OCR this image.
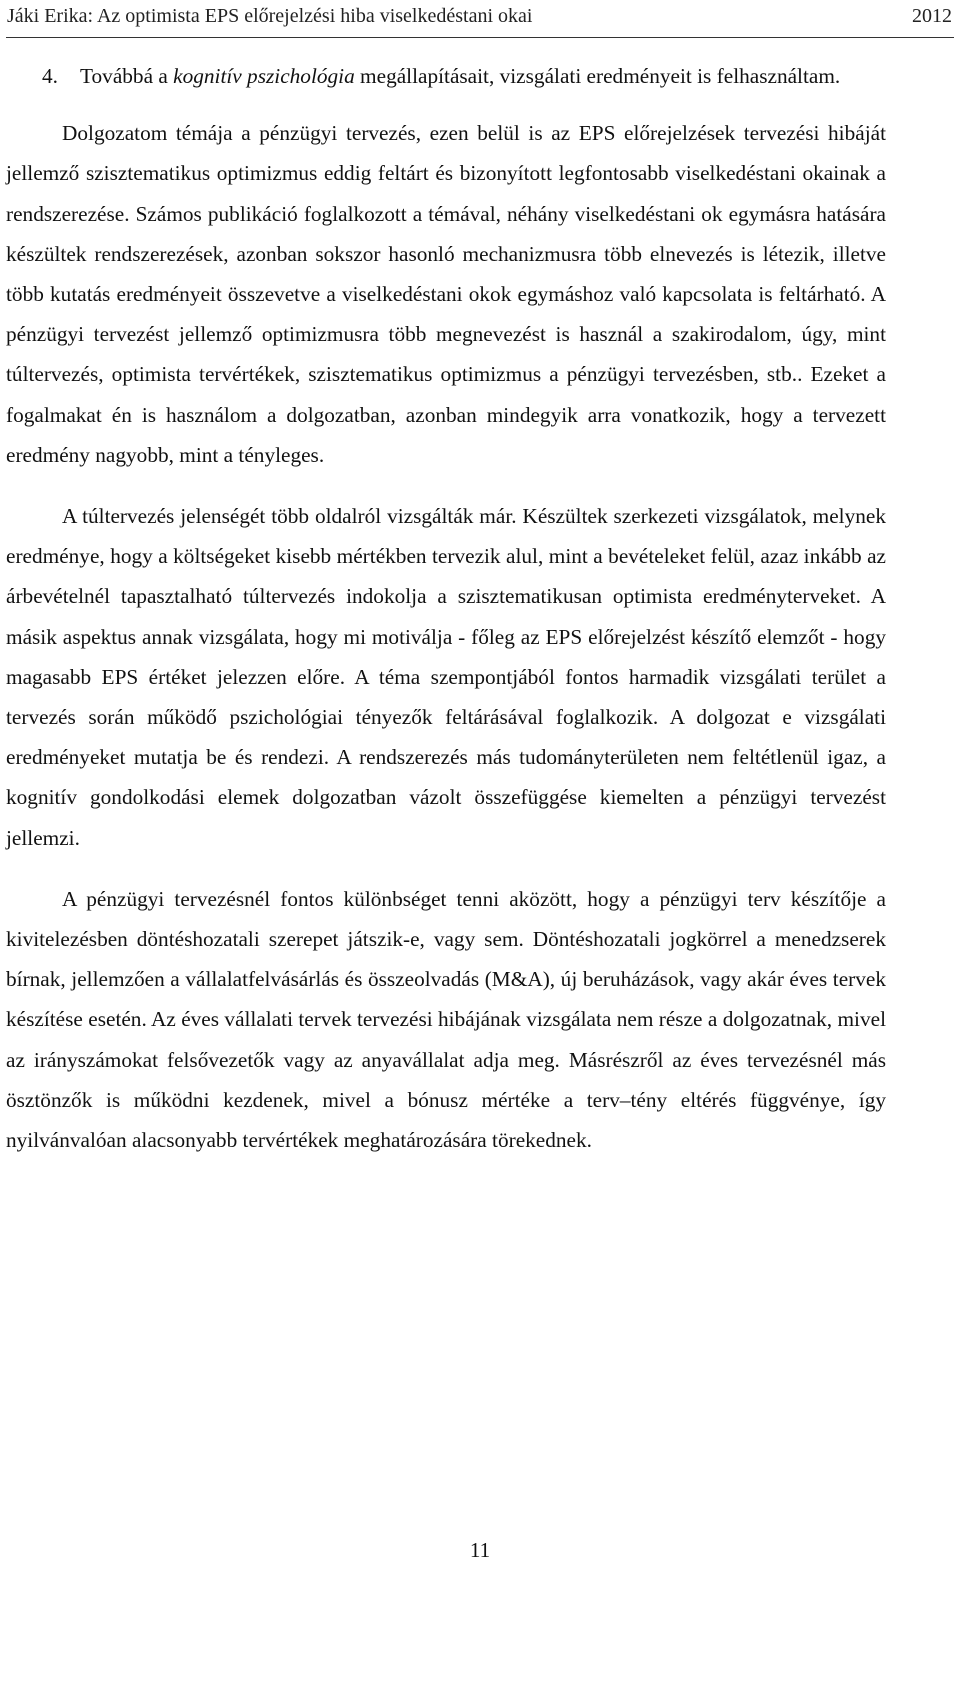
Jáki Erika: Az optimista EPS előrejelzési hiba viselkedéstani okai	2012
4.	Továbbá a kognitív pszichológia megállapításait, vizsgálati eredményeit is felhasználtam.

Dolgozatom témája a pénzügyi tervezés, ezen belül is az EPS előrejelzések tervezési hibáját jellemző szisztematikus optimizmus eddig feltárt és bizonyított legfontosabb viselkedéstani okainak a rendszerezése. Számos publikáció foglalkozott a témával, néhány viselkedéstani ok egymásra hatására készültek rendszerezések, azonban sokszor hasonló mechanizmusra több elnevezés is létezik, illetve több kutatás eredményeit összevetve a viselkedéstani okok egymáshoz való kapcsolata is feltárható. A pénzügyi tervezést jellemző optimizmusra több megnevezést is használ a szakirodalom, úgy, mint túltervezés, optimista tervértékek, szisztematikus optimizmus a pénzügyi tervezésben, stb.. Ezeket a fogalmakat én is használom a dolgozatban, azonban mindegyik arra vonatkozik, hogy a tervezett eredmény nagyobb, mint a tényleges.

A túltervezés jelenségét több oldalról vizsgálták már. Készültek szerkezeti vizsgálatok, melynek eredménye, hogy a költségeket kisebb mértékben tervezik alul, mint a bevételeket felül, azaz inkább az árbevételnél tapasztalható túltervezés indokolja a szisztematikusan optimista eredményterveket. A másik aspektus annak vizsgálata, hogy mi motiválja - főleg az EPS előrejelzést készítő elemzőt - hogy magasabb EPS értéket jelezzen előre. A téma szempontjából fontos harmadik vizsgálati terület a tervezés során működő pszichológiai tényezők feltárásával foglalkozik. A dolgozat e vizsgálati eredményeket mutatja be és rendezi. A rendszerezés más tudományterületen nem feltétlenül igaz, a kognitív gondolkodási elemek dolgozatban vázolt összefüggése kiemelten a pénzügyi tervezést jellemzi.

A pénzügyi tervezésnél fontos különbséget tenni aközött, hogy a pénzügyi terv készítője a kivitelezésben döntéshozatali szerepet játszik-e, vagy sem. Döntéshozatali jogkörrel a menedzserek bírnak, jellemzően a vállalatfelvásárlás és összeolvadás (M&A), új beruházások, vagy akár éves tervek készítése esetén. Az éves vállalati tervek tervezési hibájának vizsgálata nem része a dolgozatnak, mivel az irányszámokat felsővezetők vagy az anyavállalat adja meg. Másrészről az éves tervezésnél más ösztönzők is működni kezdenek, mivel a bónusz mértéke a terv–tény eltérés függvénye, így nyilvánvalóan alacsonyabb tervértékek meghatározására törekednek.

11
